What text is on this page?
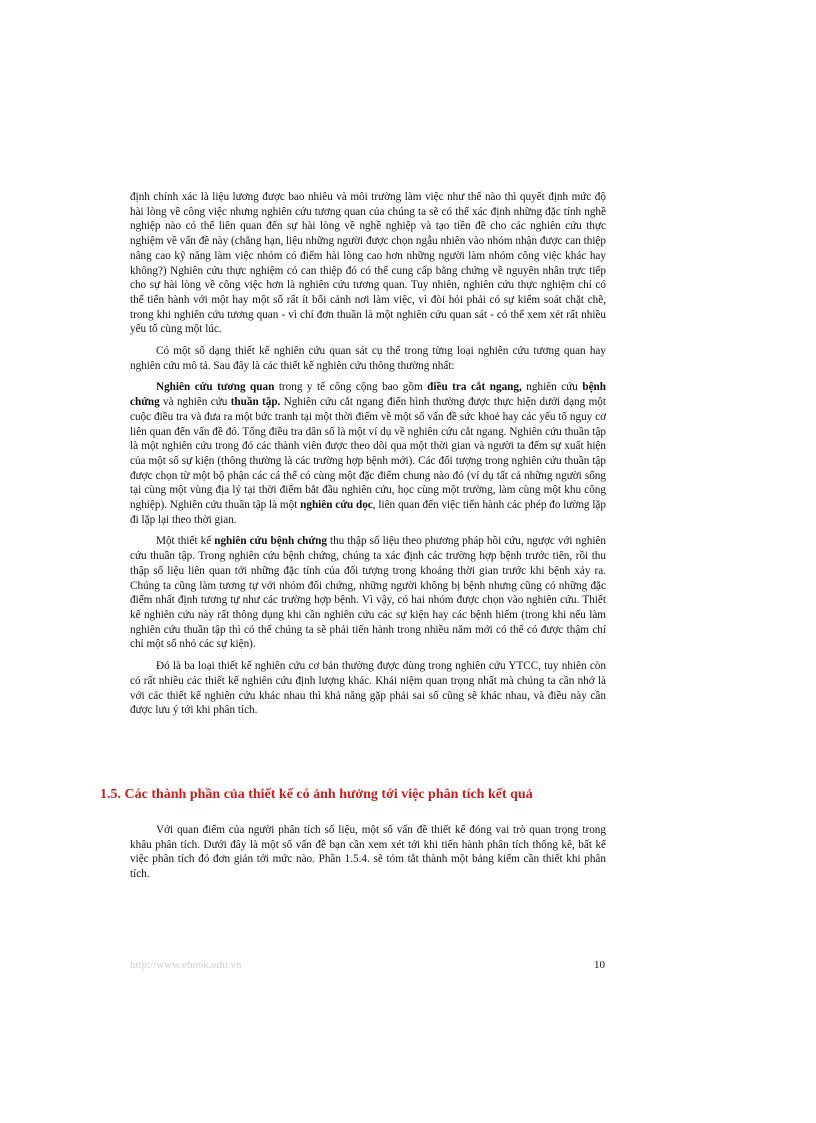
định chính xác là liệu lương được bao nhiêu và môi trường làm việc như thế nào thì quyết định mức độ hài lòng về công việc nhưng nghiên cứu tương quan của chúng ta sẽ có thể xác định những đặc tính nghề nghiệp nào có thể liên quan đến sự hài lòng về nghề nghiệp và tạo tiền đề cho các nghiên cứu thực nghiệm về vấn đề này (chẳng hạn, liệu những người được chọn ngẫu nhiên vào nhóm nhận được can thiệp nâng cao kỹ năng làm việc nhóm có điểm hài lòng cao hơn những người làm nhóm công việc khác hay không?) Nghiên cứu thực nghiệm có can thiệp đó có thể cung cấp bằng chứng về nguyên nhân trực tiếp cho sự hài lòng về công việc hơn là nghiên cứu tương quan. Tuy nhiên, nghiên cứu thực nghiệm chỉ có thể tiến hành với một hay một số rất ít bối cảnh nơi làm việc, vì đòi hỏi phải có sự kiểm soát chặt chẽ, trong khi nghiên cứu tương quan - vì chỉ đơn thuần là một nghiên cứu quan sát - có thể xem xét rất nhiều yếu tố cùng một lúc.

Có một số dạng thiết kế nghiên cứu quan sát cụ thể trong từng loại nghiên cứu tương quan hay nghiên cứu mô tả. Sau đây là các thiết kế nghiên cứu thông thường nhất:

Nghiên cứu tương quan trong y tế công cộng bao gồm điều tra cắt ngang, nghiên cứu bệnh chứng và nghiên cứu thuần tập. Nghiên cứu cắt ngang điển hình thường được thực hiện dưới dạng một cuộc điều tra và đưa ra một bức tranh tại một thời điểm về một số vấn đề sức khoẻ hay các yếu tố nguy cơ liên quan đến vấn đề đó. Tổng điều tra dân số là một ví dụ về nghiên cứu cắt ngang. Nghiên cứu thuần tập là một nghiên cứu trong đó các thành viên được theo dõi qua một thời gian và người ta đếm sự xuất hiện của một số sự kiện (thông thường là các trường hợp bệnh mới). Các đối tượng trong nghiên cứu thuần tập được chọn từ một bộ phận các cá thể có cùng một đặc điểm chung nào đó (ví dụ tất cả những người sống tại cùng một vùng địa lý tại thời điểm bắt đầu nghiên cứu, học cùng một trường, làm cùng một khu công nghiệp). Nghiên cứu thuần tập là một nghiên cứu dọc, liên quan đến việc tiến hành các phép đo lường lặp đi lặp lại theo thời gian.

Một thiết kế nghiên cứu bệnh chứng thu thập số liệu theo phương pháp hồi cứu, ngược với nghiên cứu thuần tập. Trong nghiên cứu bệnh chứng, chúng ta xác định các trường hợp bệnh trước tiên, rồi thu thập số liệu liên quan tới những đặc tính của đối tượng trong khoảng thời gian trước khi bệnh xảy ra. Chúng ta cũng làm tương tự với nhóm đối chứng, những người không bị bệnh nhưng cũng có những đặc điểm nhất định tương tự như các trường hợp bệnh. Vì vậy, có hai nhóm được chọn vào nghiên cứu. Thiết kế nghiên cứu này rất thông dụng khi cần nghiên cứu các sự kiện hay các bệnh hiếm (trong khi nếu làm nghiên cứu thuần tập thì có thể chúng ta sẽ phải tiến hành trong nhiều năm mới có thể có được thậm chí chỉ một số nhỏ các sự kiện).

Đó là ba loại thiết kế nghiên cứu cơ bản thường được dùng trong nghiên cứu YTCC, tuy nhiên còn có rất nhiều các thiết kế nghiên cứu định lượng khác. Khái niệm quan trọng nhất mà chúng ta cần nhớ là với các thiết kế nghiên cứu khác nhau thì khả năng gặp phải sai số cũng sẽ khác nhau, và điều này cần được lưu ý tới khi phân tích.

1.5. Các thành phần của thiết kế có ảnh hưởng tới việc phân tích kết quả

Với quan điểm của người phân tích số liệu, một số vấn đề thiết kế đóng vai trò quan trọng trong khâu phân tích. Dưới đây là một số vấn đề bạn cần xem xét tới khi tiến hành phân tích thống kê, bất kể việc phân tích đó đơn giản tới mức nào. Phần 1.5.4. sẽ tóm tắt thành một bảng kiểm cần thiết khi phân tích.

http://www.ebook.edu.vn	10
